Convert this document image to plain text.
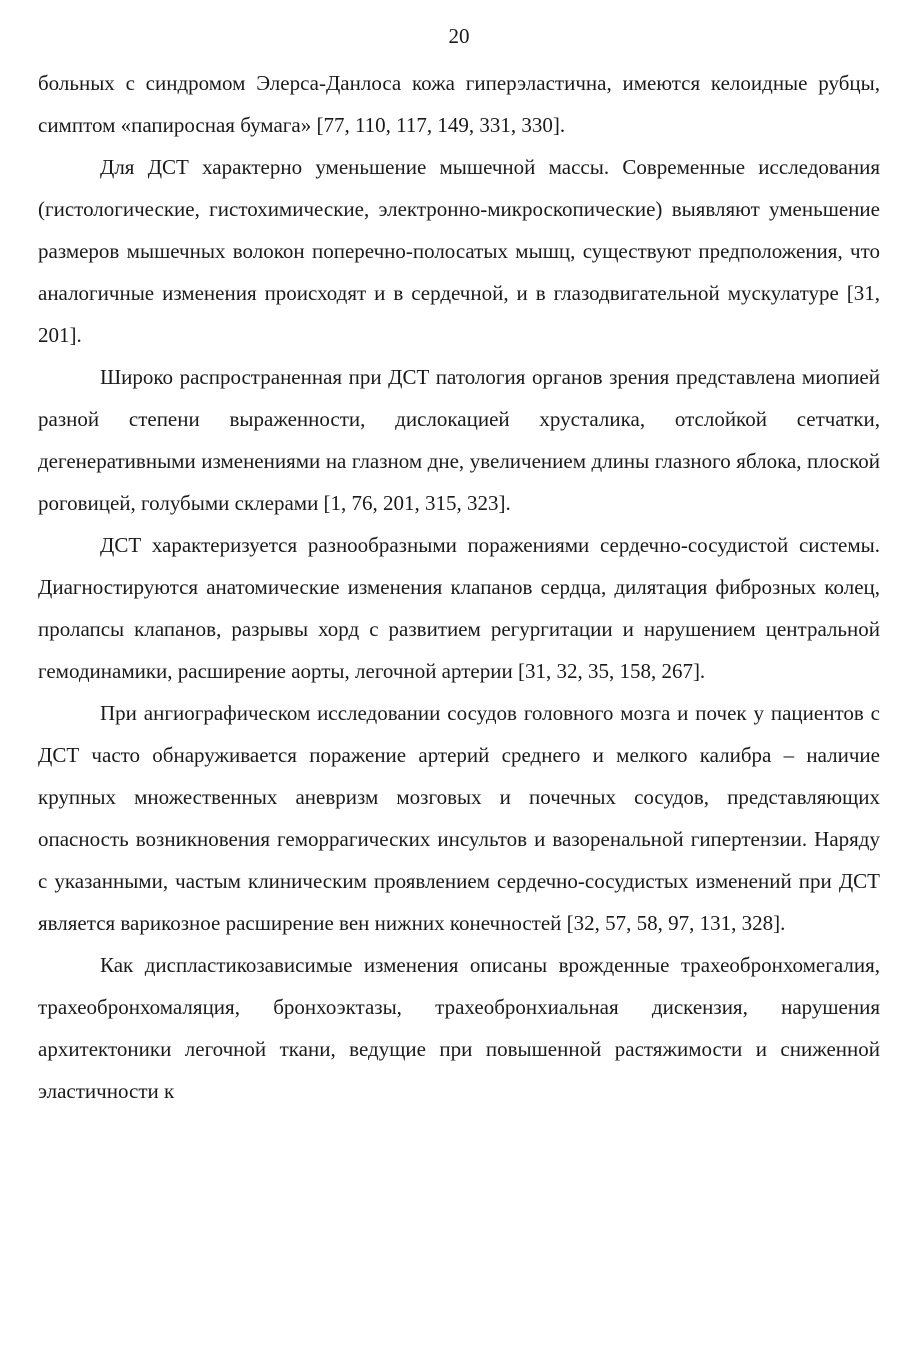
20

больных с синдромом Элерса-Данлоса кожа гиперэластична, имеются келоидные рубцы, симптом «папиросная бумага» [77, 110, 117, 149, 331, 330].

Для ДСТ характерно уменьшение мышечной массы. Современные исследования (гистологические, гистохимические, электронно-микроскопические) выявляют уменьшение размеров мышечных волокон поперечно-полосатых мышц, существуют предположения, что аналогичные изменения происходят и в сердечной, и в глазодвигательной мускулатуре [31, 201].

Широко распространенная при ДСТ патология органов зрения представлена миопией разной степени выраженности, дислокацией хрусталика, отслойкой сетчатки, дегенеративными изменениями на глазном дне, увеличением длины глазного яблока, плоской роговицей, голубыми склерами [1, 76, 201, 315, 323].

ДСТ характеризуется разнообразными поражениями сердечно-сосудистой системы. Диагностируются анатомические изменения клапанов сердца, дилятация фиброзных колец, пролапсы клапанов, разрывы хорд с развитием регургитации и нарушением центральной гемодинамики, расширение аорты, легочной артерии [31, 32, 35, 158, 267].

При ангиографическом исследовании сосудов головного мозга и почек у пациентов с ДСТ часто обнаруживается поражение артерий среднего и мелкого калибра – наличие крупных множественных аневризм мозговых и почечных сосудов, представляющих опасность возникновения геморрагических инсультов и вазоренальной гипертензии. Наряду с указанными, частым клиническим проявлением сердечно-сосудистых изменений при ДСТ является варикозное расширение вен нижних конечностей [32, 57, 58, 97, 131, 328].

Как диспластикозависимые изменения описаны врожденные трахеобронхомегалия, трахеобронхомаляция, бронхоэктазы, трахеобронхиальная дискензия, нарушения архитектоники легочной ткани, ведущие при повышенной растяжимости и сниженной эластичности к
